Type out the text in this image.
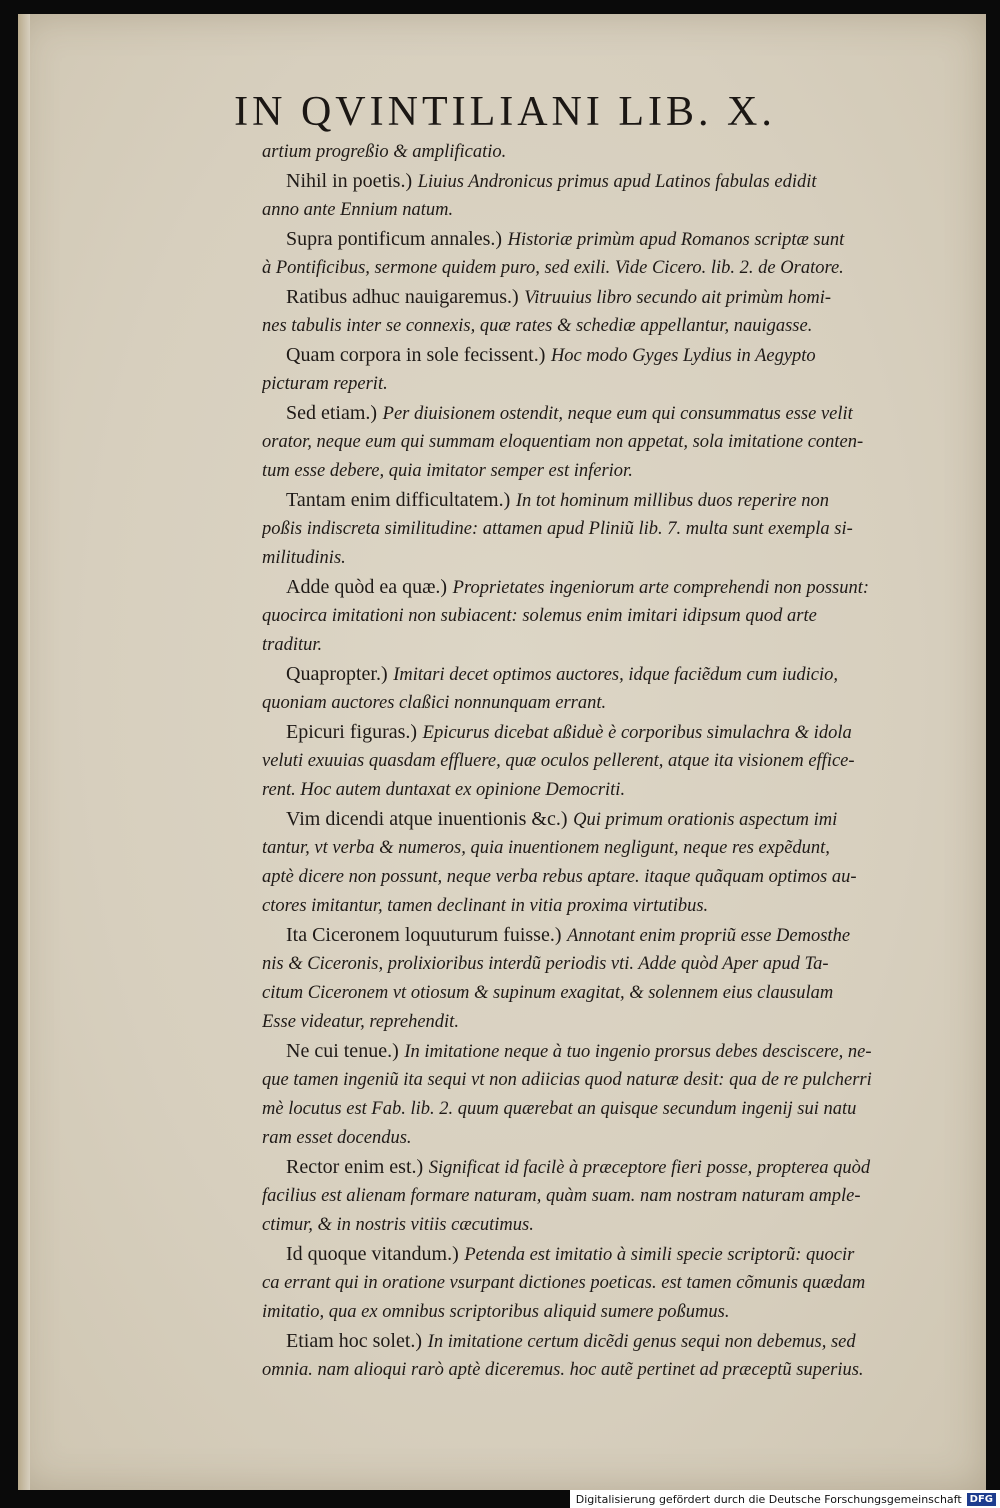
IN QVINTILIANI LIB. X.
artium progreßio & amplificatio.
Nihil in poetis.) Liuius Andronicus primus apud Latinos fabulas edidit
anno ante Ennium natum.
Supra pontificum annales.) Historiæ primùm apud Romanos scriptæ sunt
à Pontificibus, sermone quidem puro, sed exili. Vide Cicero. lib. 2. de Oratore.
Ratibus adhuc nauigaremus.) Vitruuius libro secundo ait primùm homi-
nes tabulis inter se connexis, quæ rates & schediæ appellantur, nauigasse.
Quam corpora in sole fecissent.) Hoc modo Gyges Lydius in Aegypto
picturam reperit.
Sed etiam.) Per diuisionem ostendit, neque eum qui consummatus esse velit
orator, neque eum qui summam eloquentiam non appetat, sola imitatione conten-
tum esse debere, quia imitator semper est inferior.
Tantam enim difficultatem.) In tot hominum millibus duos reperire non
poßis indiscreta similitudine: attamen apud Pliniũ lib. 7. multa sunt exempla si-
militudinis.
Adde quòd ea quæ.) Proprietates ingeniorum arte comprehendi non possunt:
quocirca imitationi non subiacent: solemus enim imitari idipsum quod arte
traditur.
Quapropter.) Imitari decet optimos auctores, idque faciẽdum cum iudicio,
quoniam auctores claßici nonnunquam errant.
Epicuri figuras.) Epicurus dicebat aßiduè è corporibus simulachra & idola
veluti exuuias quasdam effluere, quæ oculos pellerent, atque ita visionem effice-
rent. Hoc autem duntaxat ex opinione Democriti.
Vim dicendi atque inuentionis &c.) Qui primum orationis aspectum imi
tantur, vt verba & numeros, quia inuentionem negligunt, neque res expẽdunt,
aptè dicere non possunt, neque verba rebus aptare. itaque quãquam optimos au-
ctores imitantur, tamen declinant in vitia proxima virtutibus.
Ita Ciceronem loquuturum fuisse.) Annotant enim propriũ esse Demosthe
nis & Ciceronis, prolixioribus interdũ periodis vti. Adde quòd Aper apud Ta-
citum Ciceronem vt otiosum & supinum exagitat, & solennem eius clausulam
Esse videatur, reprehendit.
Ne cui tenue.) In imitatione neque à tuo ingenio prorsus debes desciscere, ne-
que tamen ingeniũ ita sequi vt non adiicias quod naturæ desit: qua de re pulcherri
mè locutus est Fab. lib. 2. quum quærebat an quisque secundum ingenij sui natu
ram esset docendus.
Rector enim est.) Significat id facilè à præceptore fieri posse, propterea quòd
facilius est alienam formare naturam, quàm suam. nam nostram naturam ample-
ctimur, & in nostris vitiis cæcutimus.
Id quoque vitandum.) Petenda est imitatio à simili specie scriptorũ: quocir
ca errant qui in oratione vsurpant dictiones poeticas. est tamen cõmunis quædam
imitatio, qua ex omnibus scriptoribus aliquid sumere poßumus.
Etiam hoc solet.) In imitatione certum dicẽdi genus sequi non debemus, sed
omnia. nam alioqui rarò aptè diceremus. hoc autẽ pertinet ad præceptũ superius.
Digitalisierung gefördert durch die Deutsche Forschungsgemeinschaft DFG
